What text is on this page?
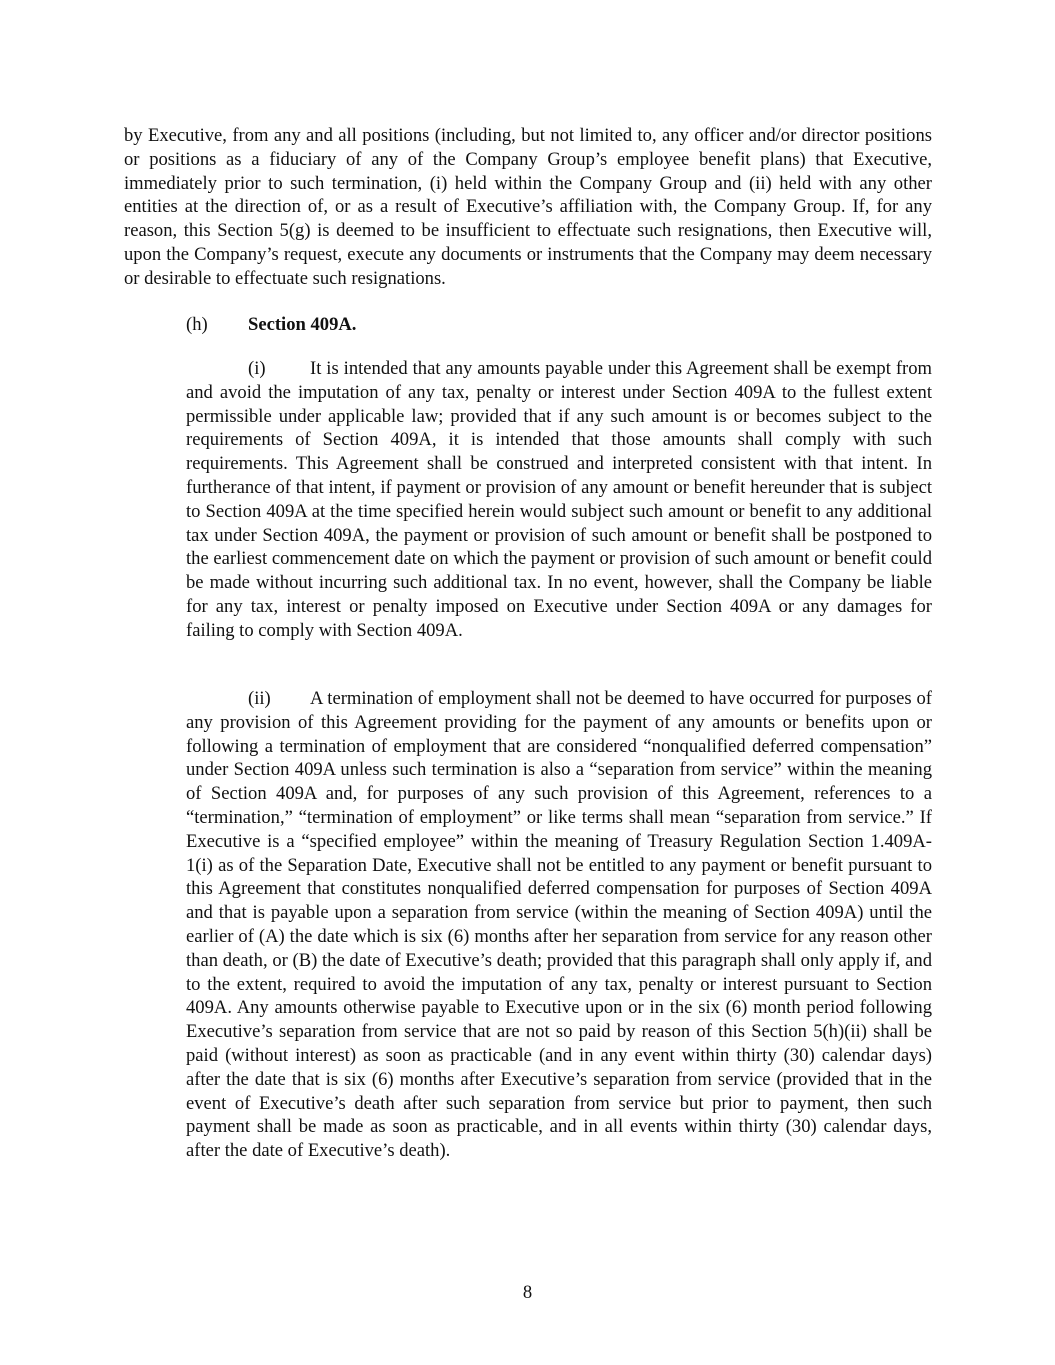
by Executive, from any and all positions (including, but not limited to, any officer and/or director positions or positions as a fiduciary of any of the Company Group’s employee benefit plans) that Executive, immediately prior to such termination, (i) held within the Company Group and (ii) held with any other entities at the direction of, or as a result of Executive’s affiliation with, the Company Group. If, for any reason, this Section 5(g) is deemed to be insufficient to effectuate such resignations, then Executive will, upon the Company’s request, execute any documents or instruments that the Company may deem necessary or desirable to effectuate such resignations.

(h) Section 409A.

(i) It is intended that any amounts payable under this Agreement shall be exempt from and avoid the imputation of any tax, penalty or interest under Section 409A to the fullest extent permissible under applicable law; provided that if any such amount is or becomes subject to the requirements of Section 409A, it is intended that those amounts shall comply with such requirements. This Agreement shall be construed and interpreted consistent with that intent. In furtherance of that intent, if payment or provision of any amount or benefit hereunder that is subject to Section 409A at the time specified herein would subject such amount or benefit to any additional tax under Section 409A, the payment or provision of such amount or benefit shall be postponed to the earliest commencement date on which the payment or provision of such amount or benefit could be made without incurring such additional tax. In no event, however, shall the Company be liable for any tax, interest or penalty imposed on Executive under Section 409A or any damages for failing to comply with Section 409A.

(ii) A termination of employment shall not be deemed to have occurred for purposes of any provision of this Agreement providing for the payment of any amounts or benefits upon or following a termination of employment that are considered “nonqualified deferred compensation” under Section 409A unless such termination is also a “separation from service” within the meaning of Section 409A and, for purposes of any such provision of this Agreement, references to a “termination,” “termination of employment” or like terms shall mean “separation from service.” If Executive is a “specified employee” within the meaning of Treasury Regulation Section 1.409A-1(i) as of the Separation Date, Executive shall not be entitled to any payment or benefit pursuant to this Agreement that constitutes nonqualified deferred compensation for purposes of Section 409A and that is payable upon a separation from service (within the meaning of Section 409A) until the earlier of (A) the date which is six (6) months after her separation from service for any reason other than death, or (B) the date of Executive’s death; provided that this paragraph shall only apply if, and to the extent, required to avoid the imputation of any tax, penalty or interest pursuant to Section 409A. Any amounts otherwise payable to Executive upon or in the six (6) month period following Executive’s separation from service that are not so paid by reason of this Section 5(h)(ii) shall be paid (without interest) as soon as practicable (and in any event within thirty (30) calendar days) after the date that is six (6) months after Executive’s separation from service (provided that in the event of Executive’s death after such separation from service but prior to payment, then such payment shall be made as soon as practicable, and in all events within thirty (30) calendar days, after the date of Executive’s death).

8
